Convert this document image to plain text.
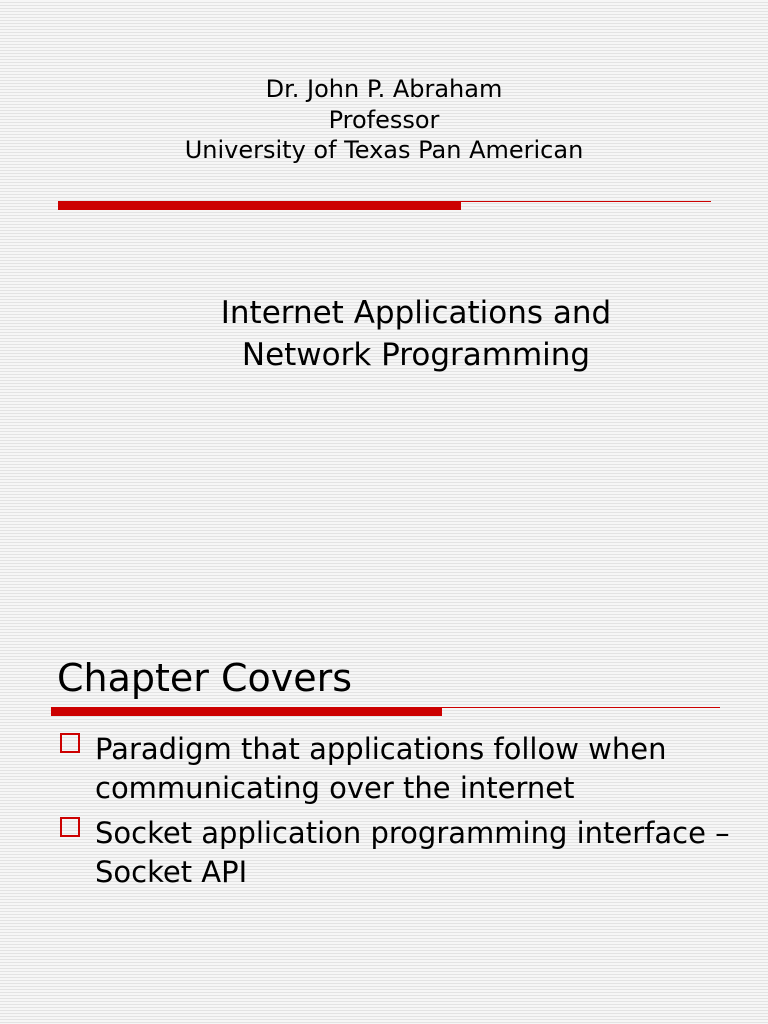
Dr. John P. Abraham
Professor
University of Texas Pan American
Internet Applications and
Network Programming
Chapter Covers
Paradigm that applications follow when communicating over the internet
Socket application programming interface – Socket API
